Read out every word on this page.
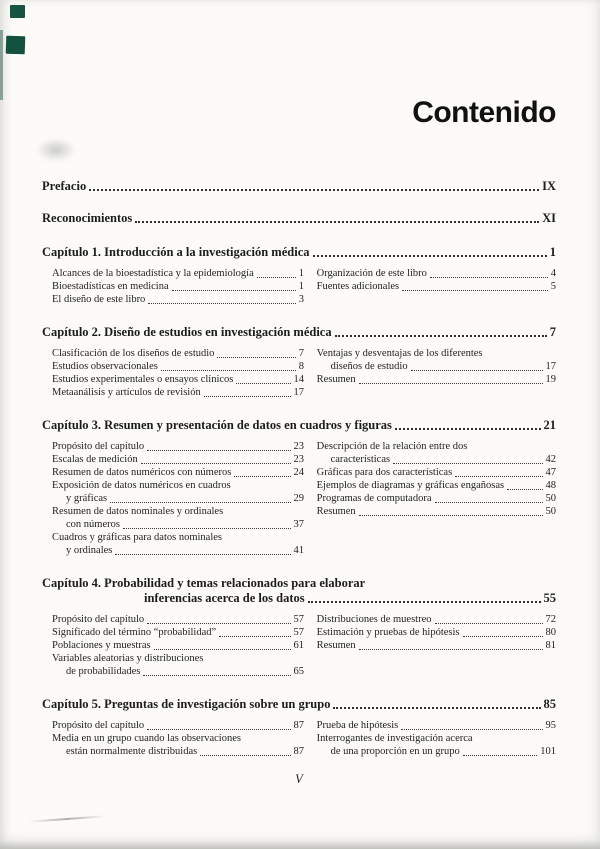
Contenido
Prefacio	IX
Reconocimientos	XI
Capítulo 1. Introducción a la investigación médica	1
Alcances de la bioestadística y la epidemiología	1
Bioestadísticas en medicina	1
El diseño de este libro	3
Organización de este libro	4
Fuentes adicionales	5
Capítulo 2. Diseño de estudios en investigación médica	7
Clasificación de los diseños de estudio	7
Estudios observacionales	8
Estudios experimentales o ensayos clínicos	14
Metaanálisis y artículos de revisión	17
Ventajas y desventajas de los diferentes
diseños de estudio	17
Resumen	19
Capítulo 3. Resumen y presentación de datos en cuadros y figuras	21
Propósito del capítulo	23
Escalas de medición	23
Resumen de datos numéricos con números	24
Exposición de datos numéricos en cuadros
y gráficas	29
Resumen de datos nominales y ordinales
con números	37
Cuadros y gráficas para datos nominales
y ordinales	41
Descripción de la relación entre dos
características	42
Gráficas para dos características	47
Ejemplos de diagramas y gráficas engañosas	48
Programas de computadora	50
Resumen	50
Capítulo 4. Probabilidad y temas relacionados para elaborar
inferencias acerca de los datos	55
Propósito del capítulo	57
Significado del término “probabilidad”	57
Poblaciones y muestras	61
Variables aleatorias y distribuciones
de probabilidades	65
Distribuciones de muestreo	72
Estimación y pruebas de hipótesis	80
Resumen	81
Capítulo 5. Preguntas de investigación sobre un grupo	85
Propósito del capítulo	87
Media en un grupo cuando las observaciones
están normalmente distribuidas	87
Prueba de hipótesis	95
Interrogantes de investigación acerca
de una proporción en un grupo	101
V
